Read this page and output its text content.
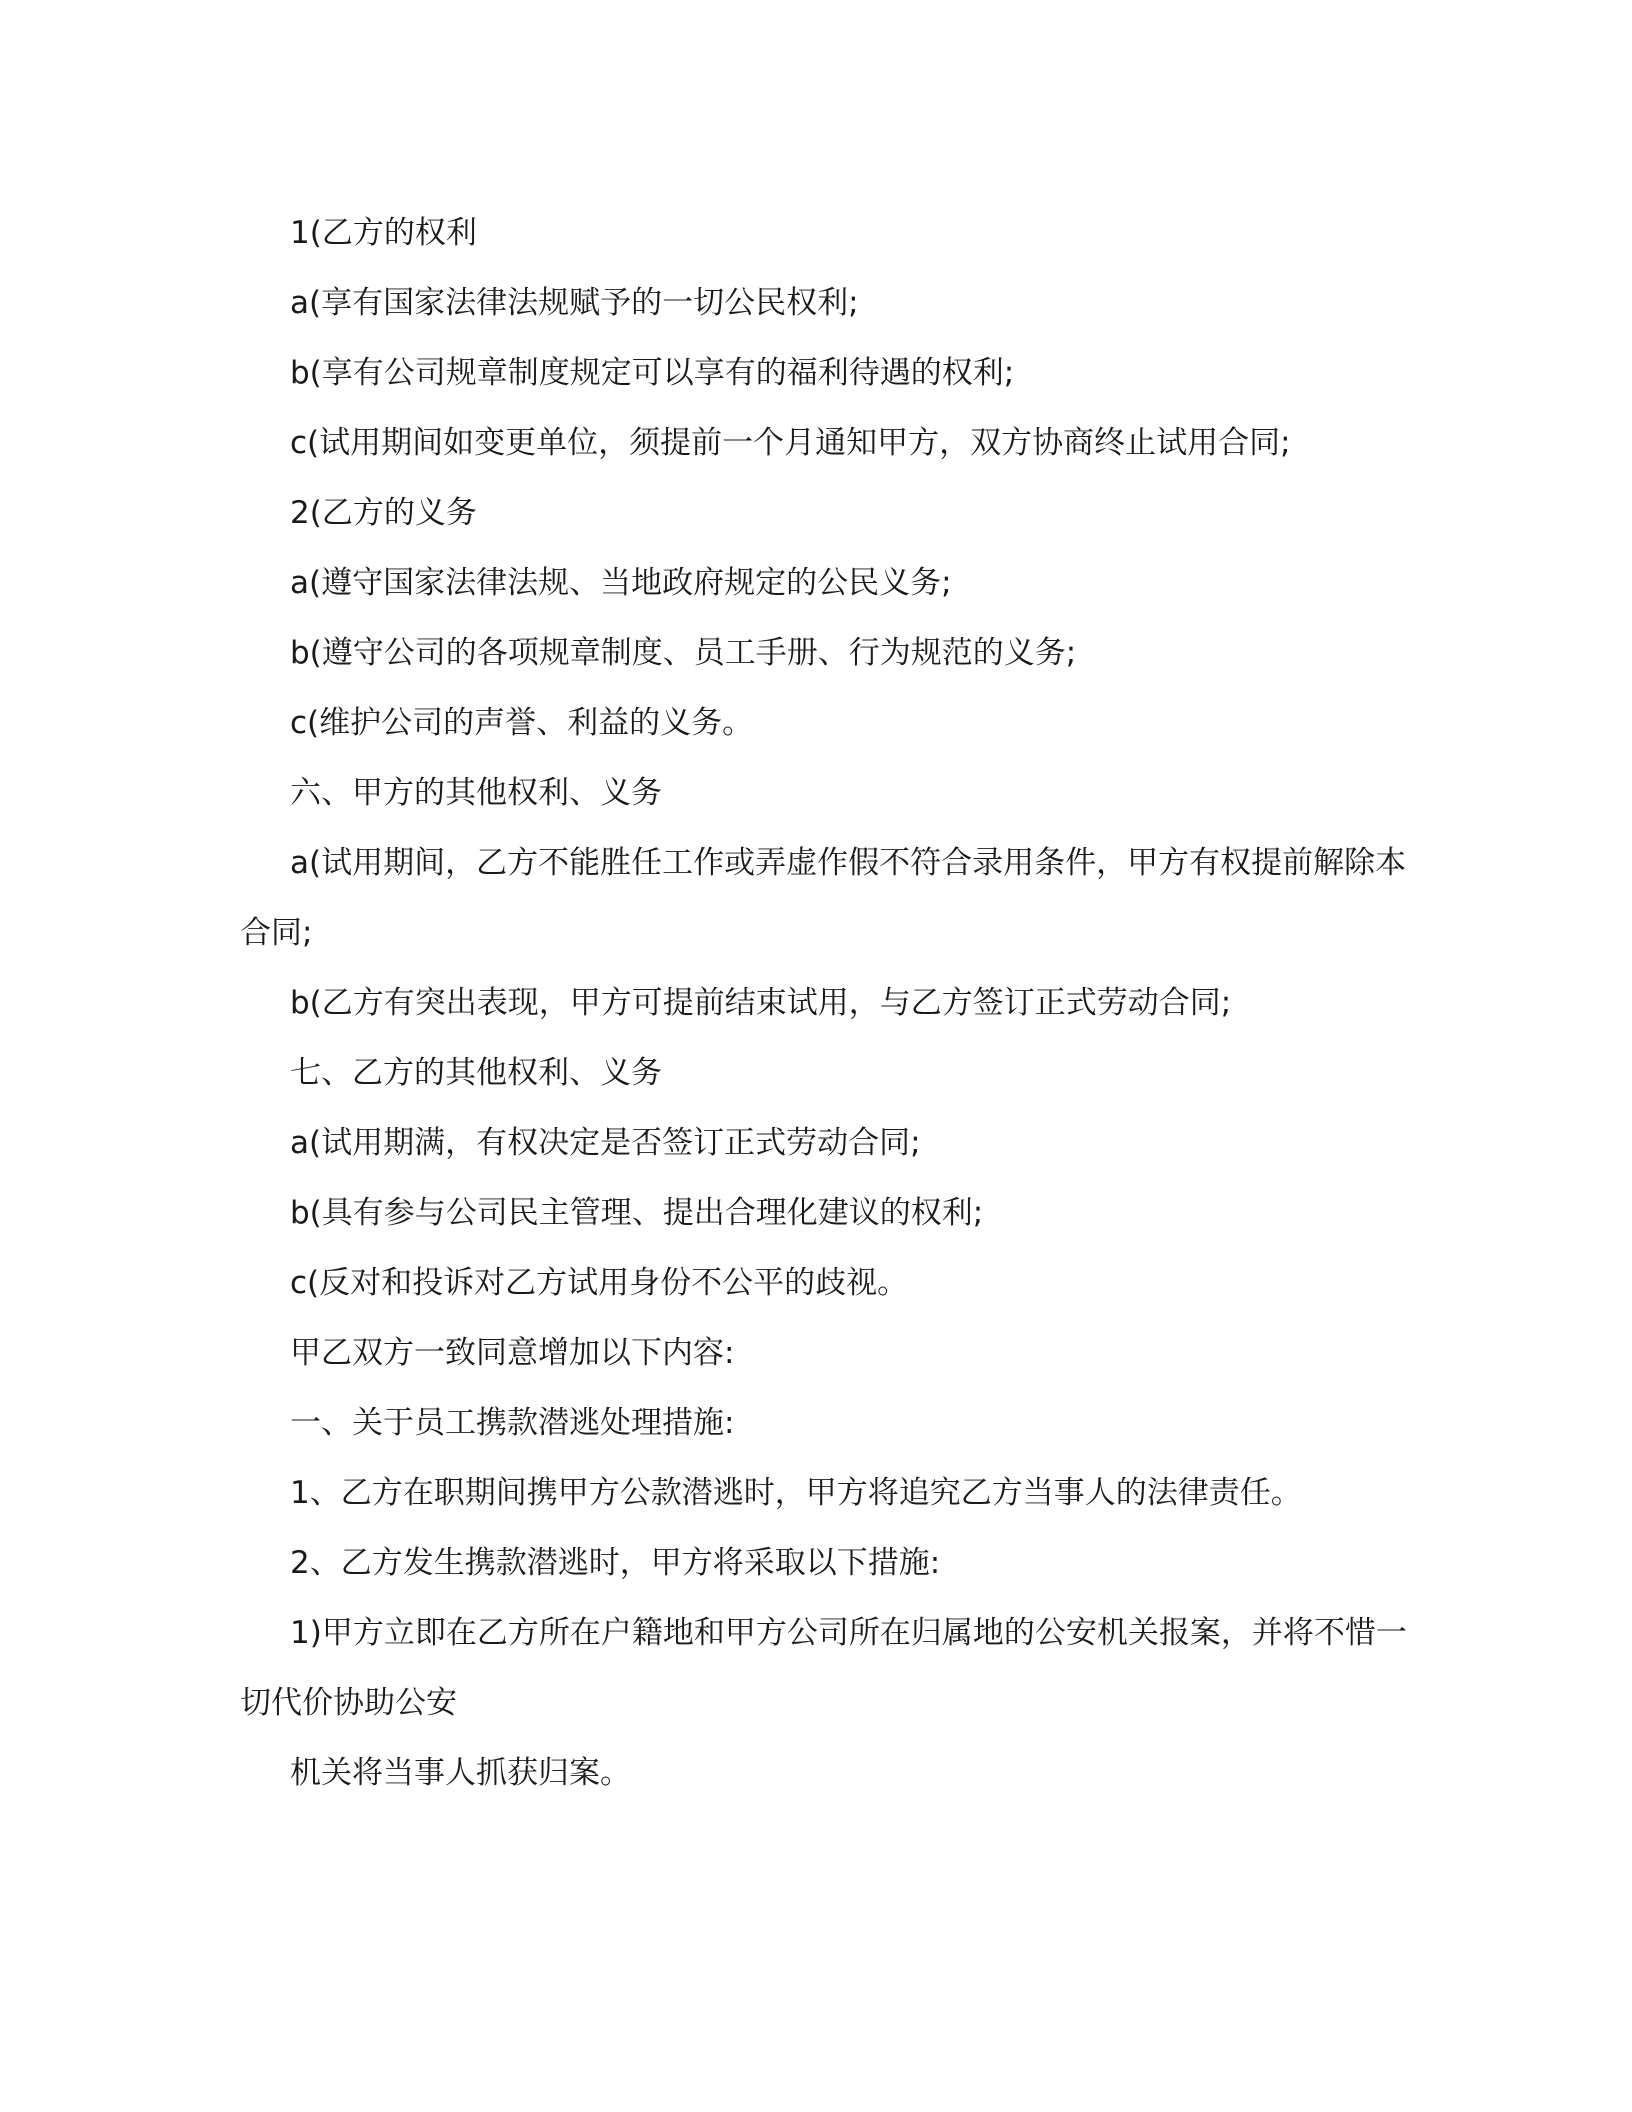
1(乙方的权利

a(享有国家法律法规赋予的一切公民权利;

b(享有公司规章制度规定可以享有的福利待遇的权利;

c(试用期间如变更单位，须提前一个月通知甲方，双方协商终止试用合同;

2(乙方的义务

a(遵守国家法律法规、当地政府规定的公民义务;

b(遵守公司的各项规章制度、员工手册、行为规范的义务;

c(维护公司的声誉、利益的义务。

六、甲方的其他权利、义务

a(试用期间，乙方不能胜任工作或弄虚作假不符合录用条件，甲方有权提前解除本合同;

b(乙方有突出表现，甲方可提前结束试用，与乙方签订正式劳动合同;

七、乙方的其他权利、义务

a(试用期满，有权决定是否签订正式劳动合同;

b(具有参与公司民主管理、提出合理化建议的权利;

c(反对和投诉对乙方试用身份不公平的歧视。

甲乙双方一致同意增加以下内容:

一、关于员工携款潜逃处理措施:

1、乙方在职期间携甲方公款潜逃时，甲方将追究乙方当事人的法律责任。

2、乙方发生携款潜逃时，甲方将采取以下措施:

1)甲方立即在乙方所在户籍地和甲方公司所在归属地的公安机关报案，并将不惜一切代价协助公安

机关将当事人抓获归案。
